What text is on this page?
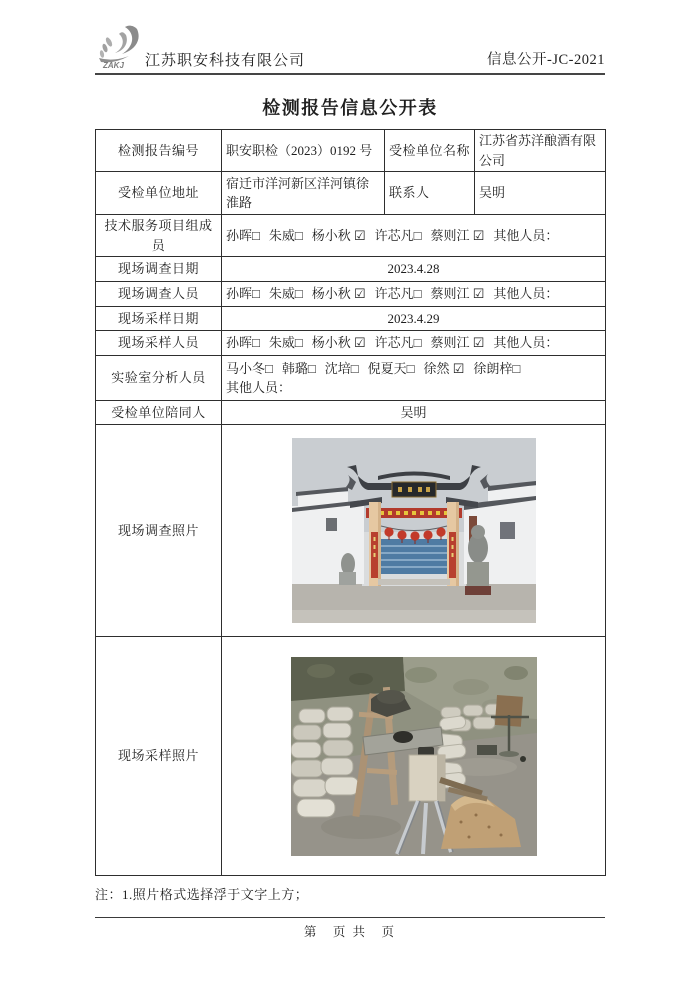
ZAKJ 江苏职安科技有限公司	信息公开-JC-2021
检测报告信息公开表
检测报告编号	职安职检（2023）0192 号	受检单位名称	江苏省苏洋酿酒有限公司
受检单位地址	宿迁市洋河新区洋河镇徐淮路	联系人	吴明
技术服务项目组成员	孙晖□ 朱威□ 杨小秋 ☑ 许芯凡□ 蔡则江 ☑ 其他人员：		
现场调查日期	2023.4.28		
现场调查人员	孙晖□ 朱威□ 杨小秋 ☑ 许芯凡□ 蔡则江 ☑ 其他人员：		
现场采样日期	2023.4.29		
现场采样人员	孙晖□ 朱威□ 杨小秋 ☑ 许芯凡□ 蔡则江 ☑ 其他人员：		
实验室分析人员	马小冬□ 韩璐□ 沈培□ 倪夏天□ 徐然 ☑ 徐朗梓□
其他人员：		

受检单位陪同人	吴明		
现场调查照片	
现场采样照片	
注：1.照片格式选择浮于文字上方；
第　页 共　页
